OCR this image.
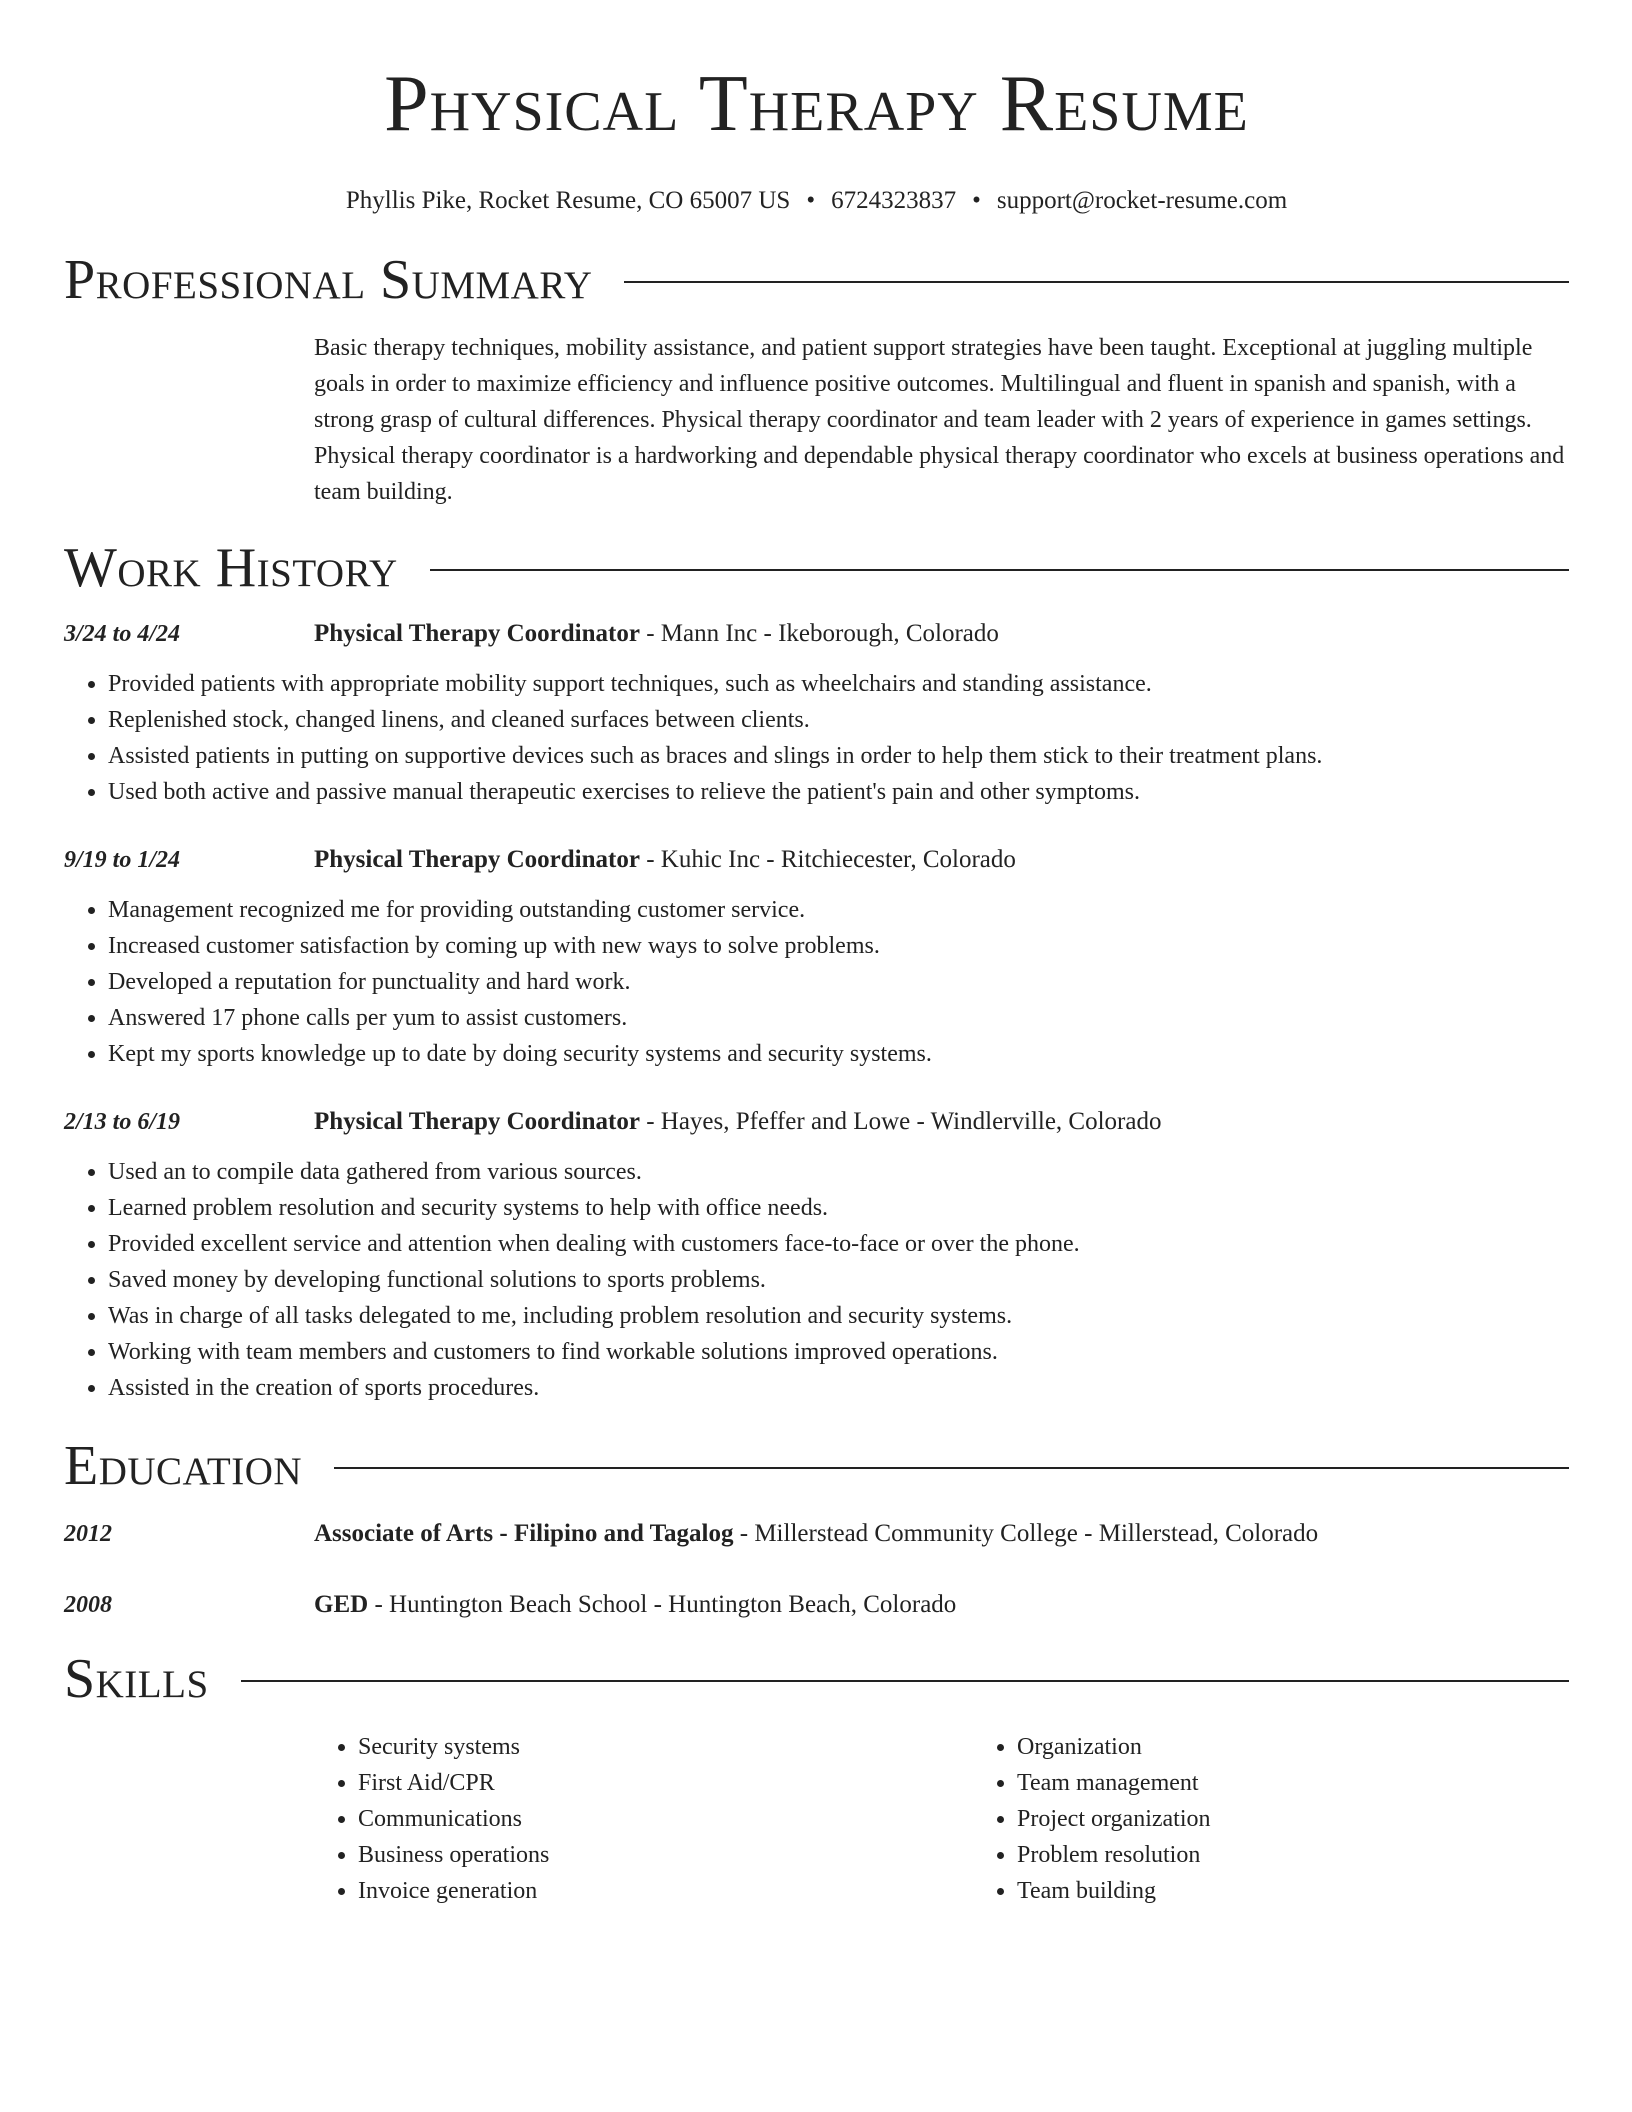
Physical Therapy Resume
Phyllis Pike, Rocket Resume, CO 65007 US • 6724323837 • support@rocket-resume.com
Professional Summary

Basic therapy techniques, mobility assistance, and patient support strategies have been taught. Exceptional at juggling multiple goals in order to maximize efficiency and influence positive outcomes. Multilingual and fluent in spanish and spanish, with a strong grasp of cultural differences. Physical therapy coordinator and team leader with 2 years of experience in games settings. Physical therapy coordinator is a hardworking and dependable physical therapy coordinator who excels at business operations and team building.

Work History
3/24 to 4/24	Physical Therapy Coordinator - Mann Inc - Ikeborough, Colorado
• Provided patients with appropriate mobility support techniques, such as wheelchairs and standing assistance.
• Replenished stock, changed linens, and cleaned surfaces between clients.
• Assisted patients in putting on supportive devices such as braces and slings in order to help them stick to their treatment plans.
• Used both active and passive manual therapeutic exercises to relieve the patient's pain and other symptoms.
9/19 to 1/24	Physical Therapy Coordinator - Kuhic Inc - Ritchiecester, Colorado
• Management recognized me for providing outstanding customer service.
• Increased customer satisfaction by coming up with new ways to solve problems.
• Developed a reputation for punctuality and hard work.
• Answered 17 phone calls per yum to assist customers.
• Kept my sports knowledge up to date by doing security systems and security systems.
2/13 to 6/19	Physical Therapy Coordinator - Hayes, Pfeffer and Lowe - Windlerville, Colorado
• Used an to compile data gathered from various sources.
• Learned problem resolution and security systems to help with office needs.
• Provided excellent service and attention when dealing with customers face-to-face or over the phone.
• Saved money by developing functional solutions to sports problems.
• Was in charge of all tasks delegated to me, including problem resolution and security systems.
• Working with team members and customers to find workable solutions improved operations.
• Assisted in the creation of sports procedures.
Education
2012	Associate of Arts - Filipino and Tagalog - Millerstead Community College - Millerstead, Colorado
2008	GED - Huntington Beach School - Huntington Beach, Colorado
Skills
• Security systems
• First Aid/CPR
• Communications
• Business operations
• Invoice generation
• Organization
• Team management
• Project organization
• Problem resolution
• Team building
